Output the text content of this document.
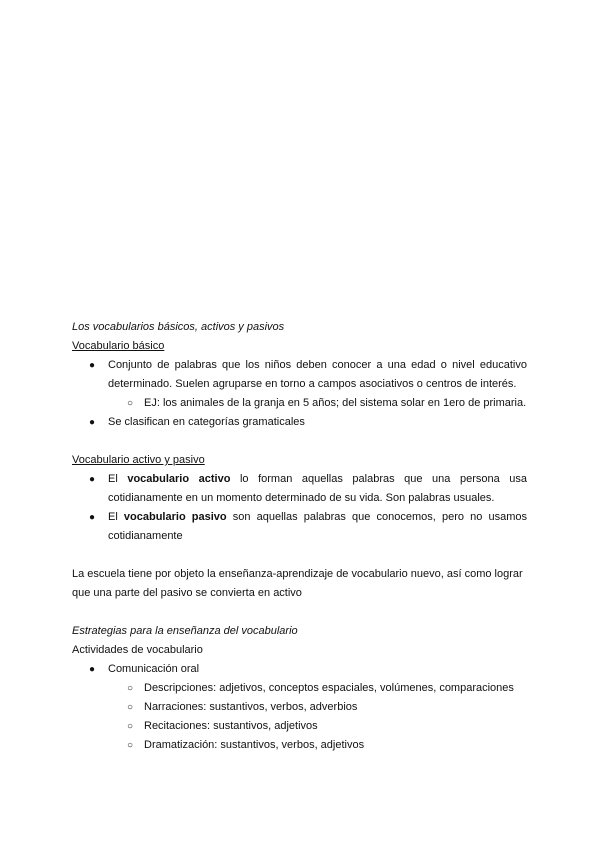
Los vocabularios básicos, activos y pasivos

Vocabulario básico

● Conjunto de palabras que los niños deben conocer a una edad o nivel educativo determinado. Suelen agruparse en torno a campos asociativos o centros de interés.
○ EJ: los animales de la granja en 5 años; del sistema solar en 1ero de primaria.
● Se clasifican en categorías gramaticales

Vocabulario activo y pasivo

● El vocabulario activo lo forman aquellas palabras que una persona usa cotidianamente en un momento determinado de su vida. Son palabras usuales.
● El vocabulario pasivo son aquellas palabras que conocemos, pero no usamos cotidianamente

La escuela tiene por objeto la enseñanza-aprendizaje de vocabulario nuevo, así como lograr que una parte del pasivo se convierta en activo

Estrategias para la enseñanza del vocabulario

Actividades de vocabulario

● Comunicación oral
○ Descripciones: adjetivos, conceptos espaciales, volúmenes, comparaciones
○ Narraciones: sustantivos, verbos, adverbios
○ Recitaciones: sustantivos, adjetivos
○ Dramatización: sustantivos, verbos, adjetivos
